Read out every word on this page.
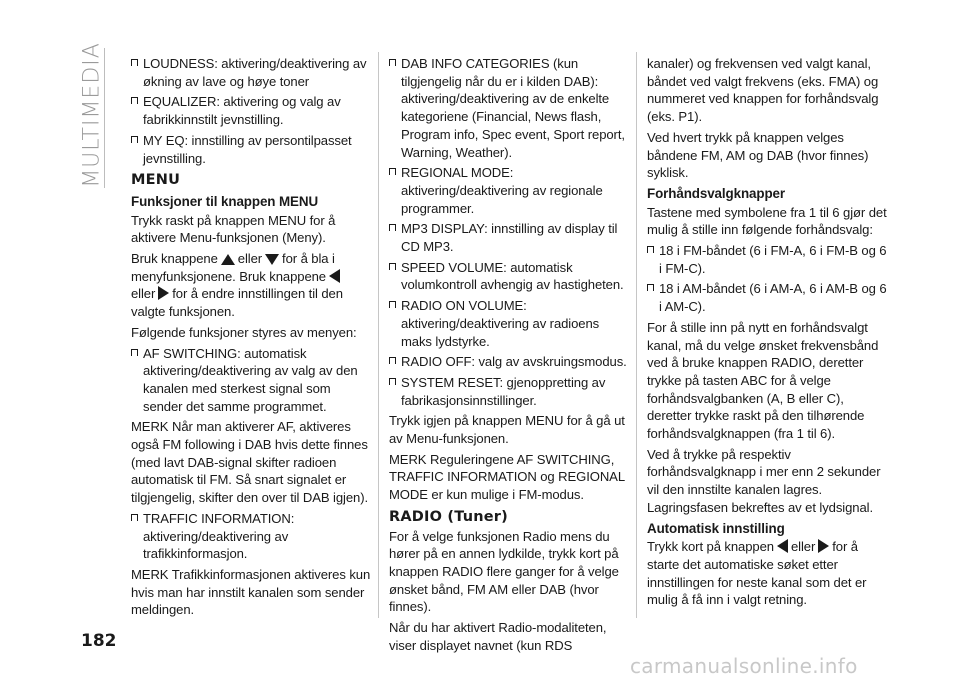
MULTIMEDIA
182

LOUDNESS: aktivering/deaktivering av økning av lave og høye toner

EQUALIZER: aktivering og valg av fabrikkinnstilt jevnstilling.

MY EQ: innstilling av persontilpasset jevnstilling.

MENU
Funksjoner til knappen MENU

Trykk raskt på knappen MENU for å aktivere Menu-funksjonen (Meny).

Bruk knappene eller for å bla i menyfunksjonene. Bruk knappene
eller for å endre innstillingen til den valgte funksjonen.

Følgende funksjoner styres av menyen:

AF SWITCHING: automatisk aktivering/deaktivering av valg av den kanalen med sterkest signal som sender det samme programmet.

MERK Når man aktiverer AF, aktiveres også FM following i DAB hvis dette finnes (med lavt DAB-signal skifter radioen automatisk til FM. Så snart signalet er tilgjengelig, skifter den over til DAB igjen).

TRAFFIC INFORMATION: aktivering/deaktivering av trafikkinformasjon.

MERK Trafikkinformasjonen aktiveres kun hvis man har innstilt kanalen som sender meldingen.

DAB INFO CATEGORIES (kun tilgjengelig når du er i kilden DAB): aktivering/deaktivering av de enkelte kategoriene (Financial, News flash, Program info, Spec event, Sport report, Warning, Weather).

REGIONAL MODE: aktivering/deaktivering av regionale programmer.

MP3 DISPLAY: innstilling av display til CD MP3.

SPEED VOLUME: automatisk volumkontroll avhengig av hastigheten.

RADIO ON VOLUME: aktivering/deaktivering av radioens maks lydstyrke.

RADIO OFF: valg av avskruingsmodus.

SYSTEM RESET: gjenoppretting av fabrikasjonsinnstillinger.

Trykk igjen på knappen MENU for å gå ut av Menu-funksjonen.

MERK Reguleringene AF SWITCHING, TRAFFIC INFORMATION og REGIONAL MODE er kun mulige i FM-modus.

RADIO (Tuner)

For å velge funksjonen Radio mens du hører på en annen lydkilde, trykk kort på knappen RADIO flere ganger for å velge ønsket bånd, FM AM eller DAB (hvor finnes).

Når du har aktivert Radio-modaliteten, viser displayet navnet (kun RDS

kanaler) og frekvensen ved valgt kanal, båndet ved valgt frekvens (eks. FMA) og nummeret ved knappen for forhåndsvalg (eks. P1).

Ved hvert trykk på knappen velges båndene FM, AM og DAB (hvor finnes) syklisk.

Forhåndsvalgknapper

Tastene med symbolene fra 1 til 6 gjør det mulig å stille inn følgende forhåndsvalg:

18 i FM-båndet (6 i FM-A, 6 i FM-B og 6 i FM-C).

18 i AM-båndet (6 i AM-A, 6 i AM-B og 6 i AM-C).

For å stille inn på nytt en forhåndsvalgt kanal, må du velge ønsket frekvensbånd ved å bruke knappen RADIO, deretter trykke på tasten ABC for å velge forhåndsvalgbanken (A, B eller C), deretter trykke raskt på den tilhørende forhåndsvalgknappen (fra 1 til 6).

Ved å trykke på respektiv forhåndsvalgknapp i mer enn 2 sekunder vil den innstilte kanalen lagres. Lagringsfasen bekreftes av et lydsignal.

Automatisk innstilling

Trykk kort på knappen eller for å starte det automatiske søket etter innstillingen for neste kanal som det er mulig å få inn i valgt retning.

carmanualsonline.info
